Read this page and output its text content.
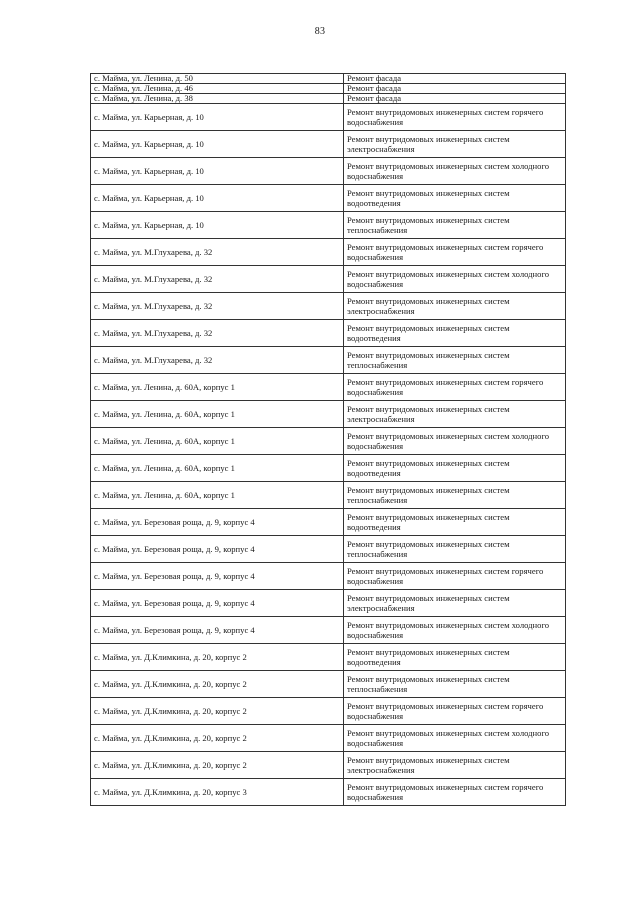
83
с. Майма, ул. Ленина, д. 50	Ремонт фасада
с. Майма, ул. Ленина, д. 46	Ремонт фасада
с. Майма, ул. Ленина, д. 38	Ремонт фасада
с. Майма, ул. Карьерная, д. 10	Ремонт внутридомовых инженерных систем горячего водоснабжения
с. Майма, ул. Карьерная, д. 10	Ремонт внутридомовых инженерных систем электроснабжения
с. Майма, ул. Карьерная, д. 10	Ремонт внутридомовых инженерных систем холодного водоснабжения
с. Майма, ул. Карьерная, д. 10	Ремонт внутридомовых инженерных систем водоотведения
с. Майма, ул. Карьерная, д. 10	Ремонт внутридомовых инженерных систем теплоснабжения
с. Майма, ул. М.Глухарева, д. 32	Ремонт внутридомовых инженерных систем горячего водоснабжения
с. Майма, ул. М.Глухарева, д. 32	Ремонт внутридомовых инженерных систем холодного водоснабжения
с. Майма, ул. М.Глухарева, д. 32	Ремонт внутридомовых инженерных систем электроснабжения
с. Майма, ул. М.Глухарева, д. 32	Ремонт внутридомовых инженерных систем водоотведения
с. Майма, ул. М.Глухарева, д. 32	Ремонт внутридомовых инженерных систем теплоснабжения
с. Майма, ул. Ленина, д. 60А, корпус 1	Ремонт внутридомовых инженерных систем горячего водоснабжения
с. Майма, ул. Ленина, д. 60А, корпус 1	Ремонт внутридомовых инженерных систем электроснабжения
с. Майма, ул. Ленина, д. 60А, корпус 1	Ремонт внутридомовых инженерных систем холодного водоснабжения
с. Майма, ул. Ленина, д. 60А, корпус 1	Ремонт внутридомовых инженерных систем водоотведения
с. Майма, ул. Ленина, д. 60А, корпус 1	Ремонт внутридомовых инженерных систем теплоснабжения
с. Майма, ул. Березовая роща, д. 9, корпус 4	Ремонт внутридомовых инженерных систем водоотведения
с. Майма, ул. Березовая роща, д. 9, корпус 4	Ремонт внутридомовых инженерных систем теплоснабжения
с. Майма, ул. Березовая роща, д. 9, корпус 4	Ремонт внутридомовых инженерных систем горячего водоснабжения
с. Майма, ул. Березовая роща, д. 9, корпус 4	Ремонт внутридомовых инженерных систем электроснабжения
с. Майма, ул. Березовая роща, д. 9, корпус 4	Ремонт внутридомовых инженерных систем холодного водоснабжения
с. Майма, ул. Д.Климкина, д. 20, корпус 2	Ремонт внутридомовых инженерных систем водоотведения
с. Майма, ул. Д.Климкина, д. 20, корпус 2	Ремонт внутридомовых инженерных систем теплоснабжения
с. Майма, ул. Д.Климкина, д. 20, корпус 2	Ремонт внутридомовых инженерных систем горячего водоснабжения
с. Майма, ул. Д.Климкина, д. 20, корпус 2	Ремонт внутридомовых инженерных систем холодного водоснабжения
с. Майма, ул. Д.Климкина, д. 20, корпус 2	Ремонт внутридомовых инженерных систем электроснабжения
с. Майма, ул. Д.Климкина, д. 20, корпус 3	Ремонт внутридомовых инженерных систем горячего водоснабжения
